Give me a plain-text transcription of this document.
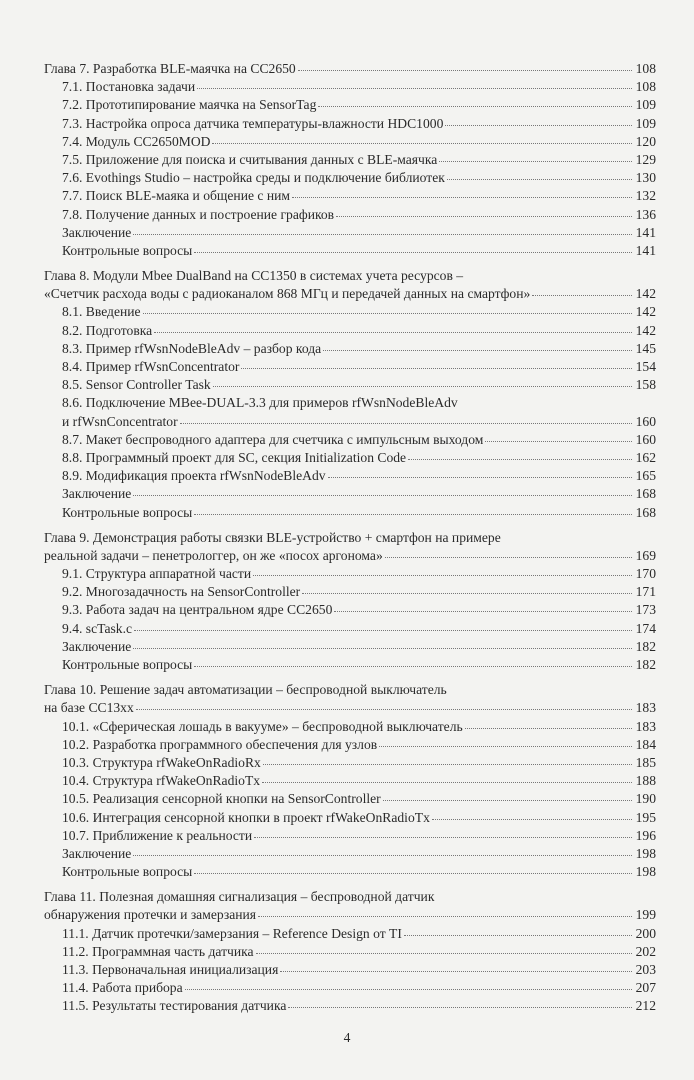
Глава 7. Разработка BLE-маячка на CC2650	108
7.1. Постановка задачи	108
7.2. Прототипирование маячка на SensorTag	109
7.3. Настройка опроса датчика температуры-влажности HDC1000	109
7.4. Модуль CC2650MOD	120
7.5. Приложение для поиска и считывания данных с BLE-маячка	129
7.6. Evothings Studio – настройка среды и подключение библиотек	130
7.7. Поиск BLE-маяка и общение с ним	132
7.8. Получение данных и построение графиков	136
Заключение	141
Контрольные вопросы	141
Глава 8. Модули Mbee DualBand на CC1350 в системах учета ресурсов –
«Счетчик расхода воды с радиоканалом 868 МГц и передачей данных на смартфон»	142
8.1. Введение	142
8.2. Подготовка	142
8.3. Пример rfWsnNodeBleAdv – разбор кода	145
8.4. Пример rfWsnConcentrator	154
8.5. Sensor Controller Task	158
8.6. Подключение MBee-DUAL-3.3 для примеров rfWsnNodeBleAdv
и rfWsnConcentrator	160
8.7. Макет беспроводного адаптера для счетчика с импульсным выходом	160
8.8. Программный проект для SC, секция Initialization Code	162
8.9. Модификация проекта rfWsnNodeBleAdv	165
Заключение	168
Контрольные вопросы	168
Глава 9. Демонстрация работы связки BLE-устройство + смартфон на примере
реальной задачи – пенетрологгер, он же «посох аргонома»	169
9.1. Структура аппаратной части	170
9.2. Многозадачность на SensorController	171
9.3. Работа задач на центральном ядре CC2650	173
9.4. scTask.c	174
Заключение	182
Контрольные вопросы	182
Глава 10. Решение задач автоматизации – беспроводной выключатель
на базе CC13xx	183
10.1. «Сферическая лошадь в вакууме» – беспроводной выключатель	183
10.2. Разработка программного обеспечения для узлов	184
10.3. Структура rfWakeOnRadioRx	185
10.4. Структура rfWakeOnRadioTx	188
10.5. Реализация сенсорной кнопки на SensorController	190
10.6. Интеграция сенсорной кнопки в проект rfWakeOnRadioTx	195
10.7. Приближение к реальности	196
Заключение	198
Контрольные вопросы	198
Глава 11. Полезная домашняя сигнализация – беспроводной датчик
обнаружения протечки и замерзания	199
11.1. Датчик протечки/замерзания – Reference Design от TI	200
11.2. Программная часть датчика	202
11.3. Первоначальная инициализация	203
11.4. Работа прибора	207
11.5. Результаты тестирования датчика	212
4
